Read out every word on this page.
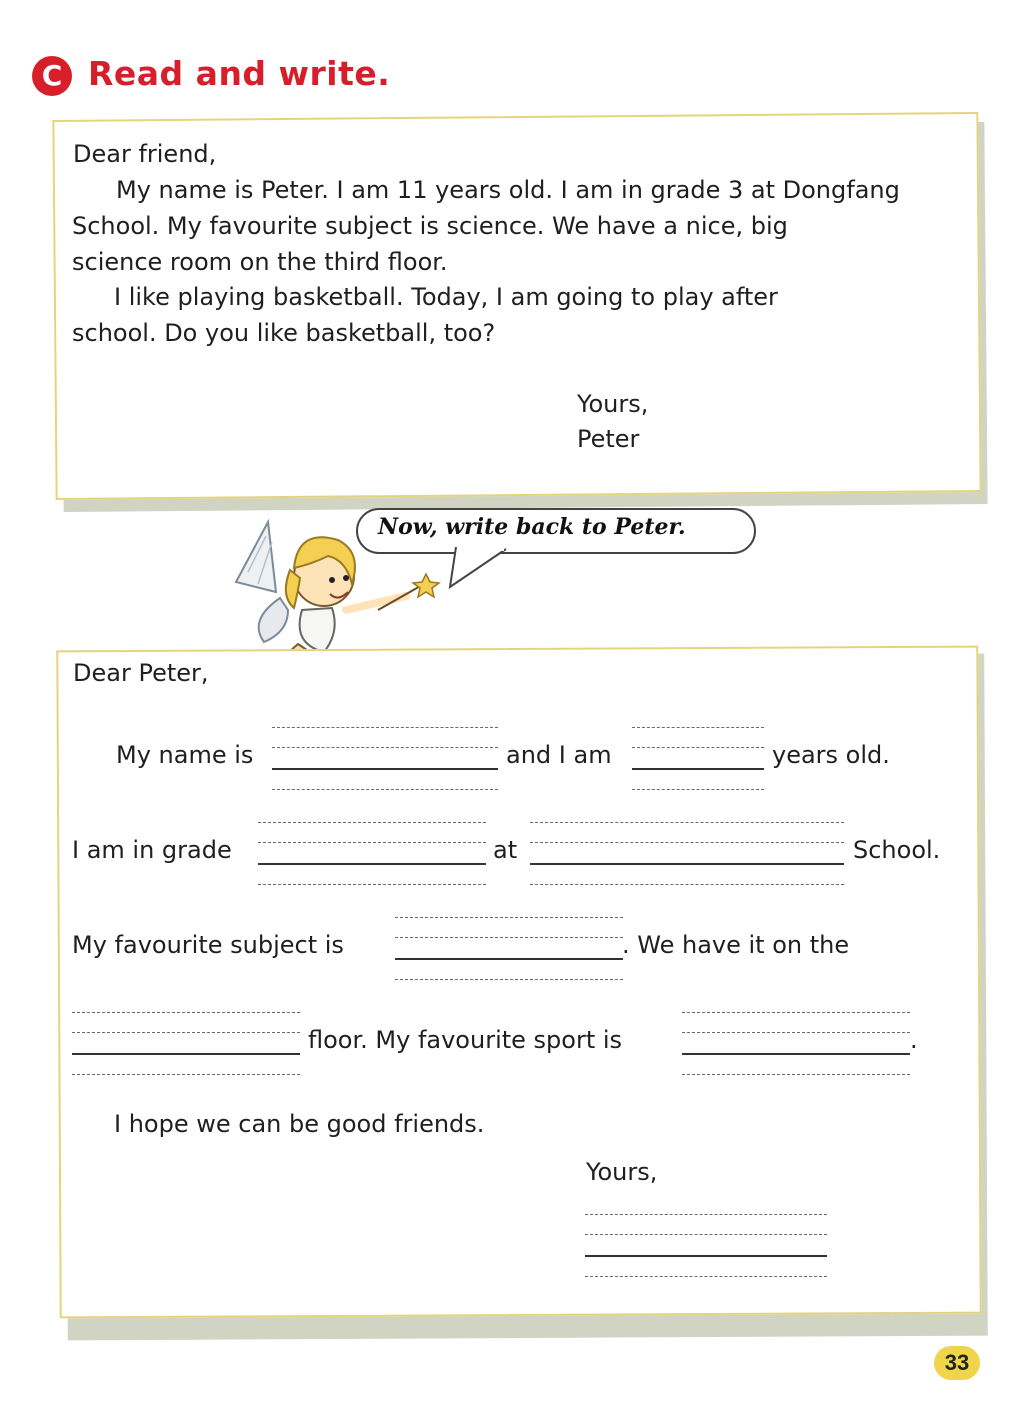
C Read and write.
Dear friend,
My name is Peter. I am 11 years old. I am in grade 3 at Dongfang
School. My favourite subject is science. We have a nice, big
science room on the third floor.
I like playing basketball. Today, I am going to play after
school. Do you like basketball, too?
Yours,
Peter
Now, write back to Peter.
Dear Peter,
My name is	and I am	years old.
I am in grade	at	School.
My favourite subject is	. We have it on the
floor. My favourite sport is	.
I hope we can be good friends.
Yours,
33
